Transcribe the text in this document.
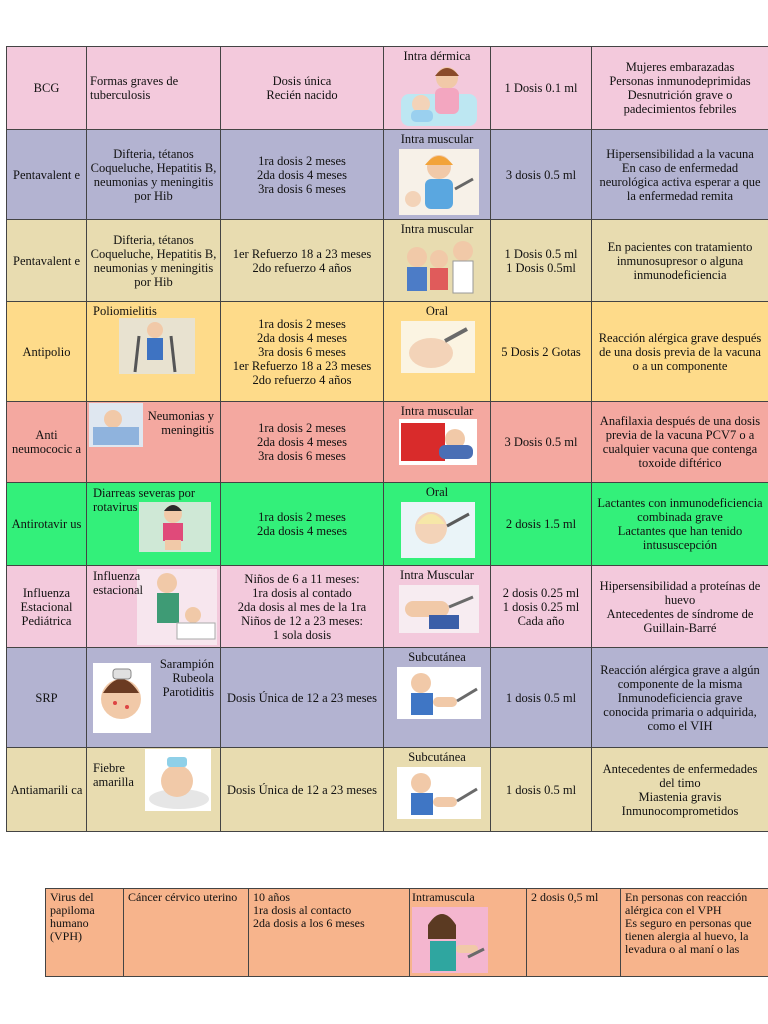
BCG	Formas graves de tuberculosis	Dosis única
Recién nacido	Intra dérmica	1 Dosis 0.1 ml	Mujeres embarazadas
Personas inmunodeprimidas
Desnutrición grave o padecimientos febriles
Pentavalent e	Difteria, tétanos Coqueluche, Hepatitis B, neumonias y meningitis por Hib	1ra dosis 2 meses
2da dosis 4 meses
3ra dosis 6 meses	Intra muscular	3 dosis 0.5 ml	Hipersensibilidad a la vacuna
En caso de enfermedad neurológica activa esperar a que la enfermedad remita
Pentavalent e	Difteria, tétanos Coqueluche, Hepatitis B, neumonias y meningitis por Hib	1er Refuerzo 18 a 23 meses
2do refuerzo 4 años	Intra muscular	1 Dosis 0.5 ml
1 Dosis 0.5ml	En pacientes con tratamiento inmunosupresor o alguna inmunodeficiencia
Antipolio	Poliomielitis	1ra dosis 2 meses
2da dosis 4 meses
3ra dosis 6 meses
1er Refuerzo 18 a 23 meses
2do refuerzo 4 años	Oral	5 Dosis 2 Gotas	Reacción alérgica grave después de una dosis previa de la vacuna o a un componente
Anti neumococic a	Neumonias y meningitis	1ra dosis 2 meses
2da dosis 4 meses
3ra dosis 6 meses	Intra muscular	3 Dosis 0.5 ml	Anafilaxia después de una dosis previa de la vacuna PCV7 o a cualquier vacuna que contenga toxoide diftérico
Antirotavir us	Diarreas severas por rotavirus	1ra dosis 2 meses
2da dosis 4 meses	Oral	2 dosis 1.5 ml	Lactantes con inmunodeficiencia combinada grave
Lactantes que han tenido intususcepción
Influenza Estacional Pediátrica	Influenza estacional	Niños de 6 a 11 meses:
1ra dosis al contado
2da dosis al mes de la 1ra
Niños de 12 a 23 meses:
1 sola dosis	Intra Muscular	2 dosis 0.25 ml
1 dosis 0.25 ml
Cada año	Hipersensibilidad a proteínas de huevo
Antecedentes de síndrome de Guillain-Barré
SRP	Sarampión Rubeola Parotiditis	Dosis Única de 12 a 23 meses	Subcutánea	1 dosis 0.5 ml	Reacción alérgica grave a algún componente de la misma
Inmunodeficiencia grave conocida primaria o adquirida, como el VIH
Antiamarili ca	Fiebre amarilla	Dosis Única de 12 a 23 meses	Subcutánea	1 dosis 0.5 ml	Antecedentes de enfermedades del timo
Miastenia gravis
Inmunocomprometidos
Virus del papiloma humano (VPH)	Cáncer cérvico uterino	10 años
1ra dosis al contacto
2da dosis a los 6 meses	
Intramuscula	2 dosis 0,5 ml	En personas con reacción alérgica con el VPH
Es seguro en personas que tienen alergia al huevo, la levadura o al maní o las
